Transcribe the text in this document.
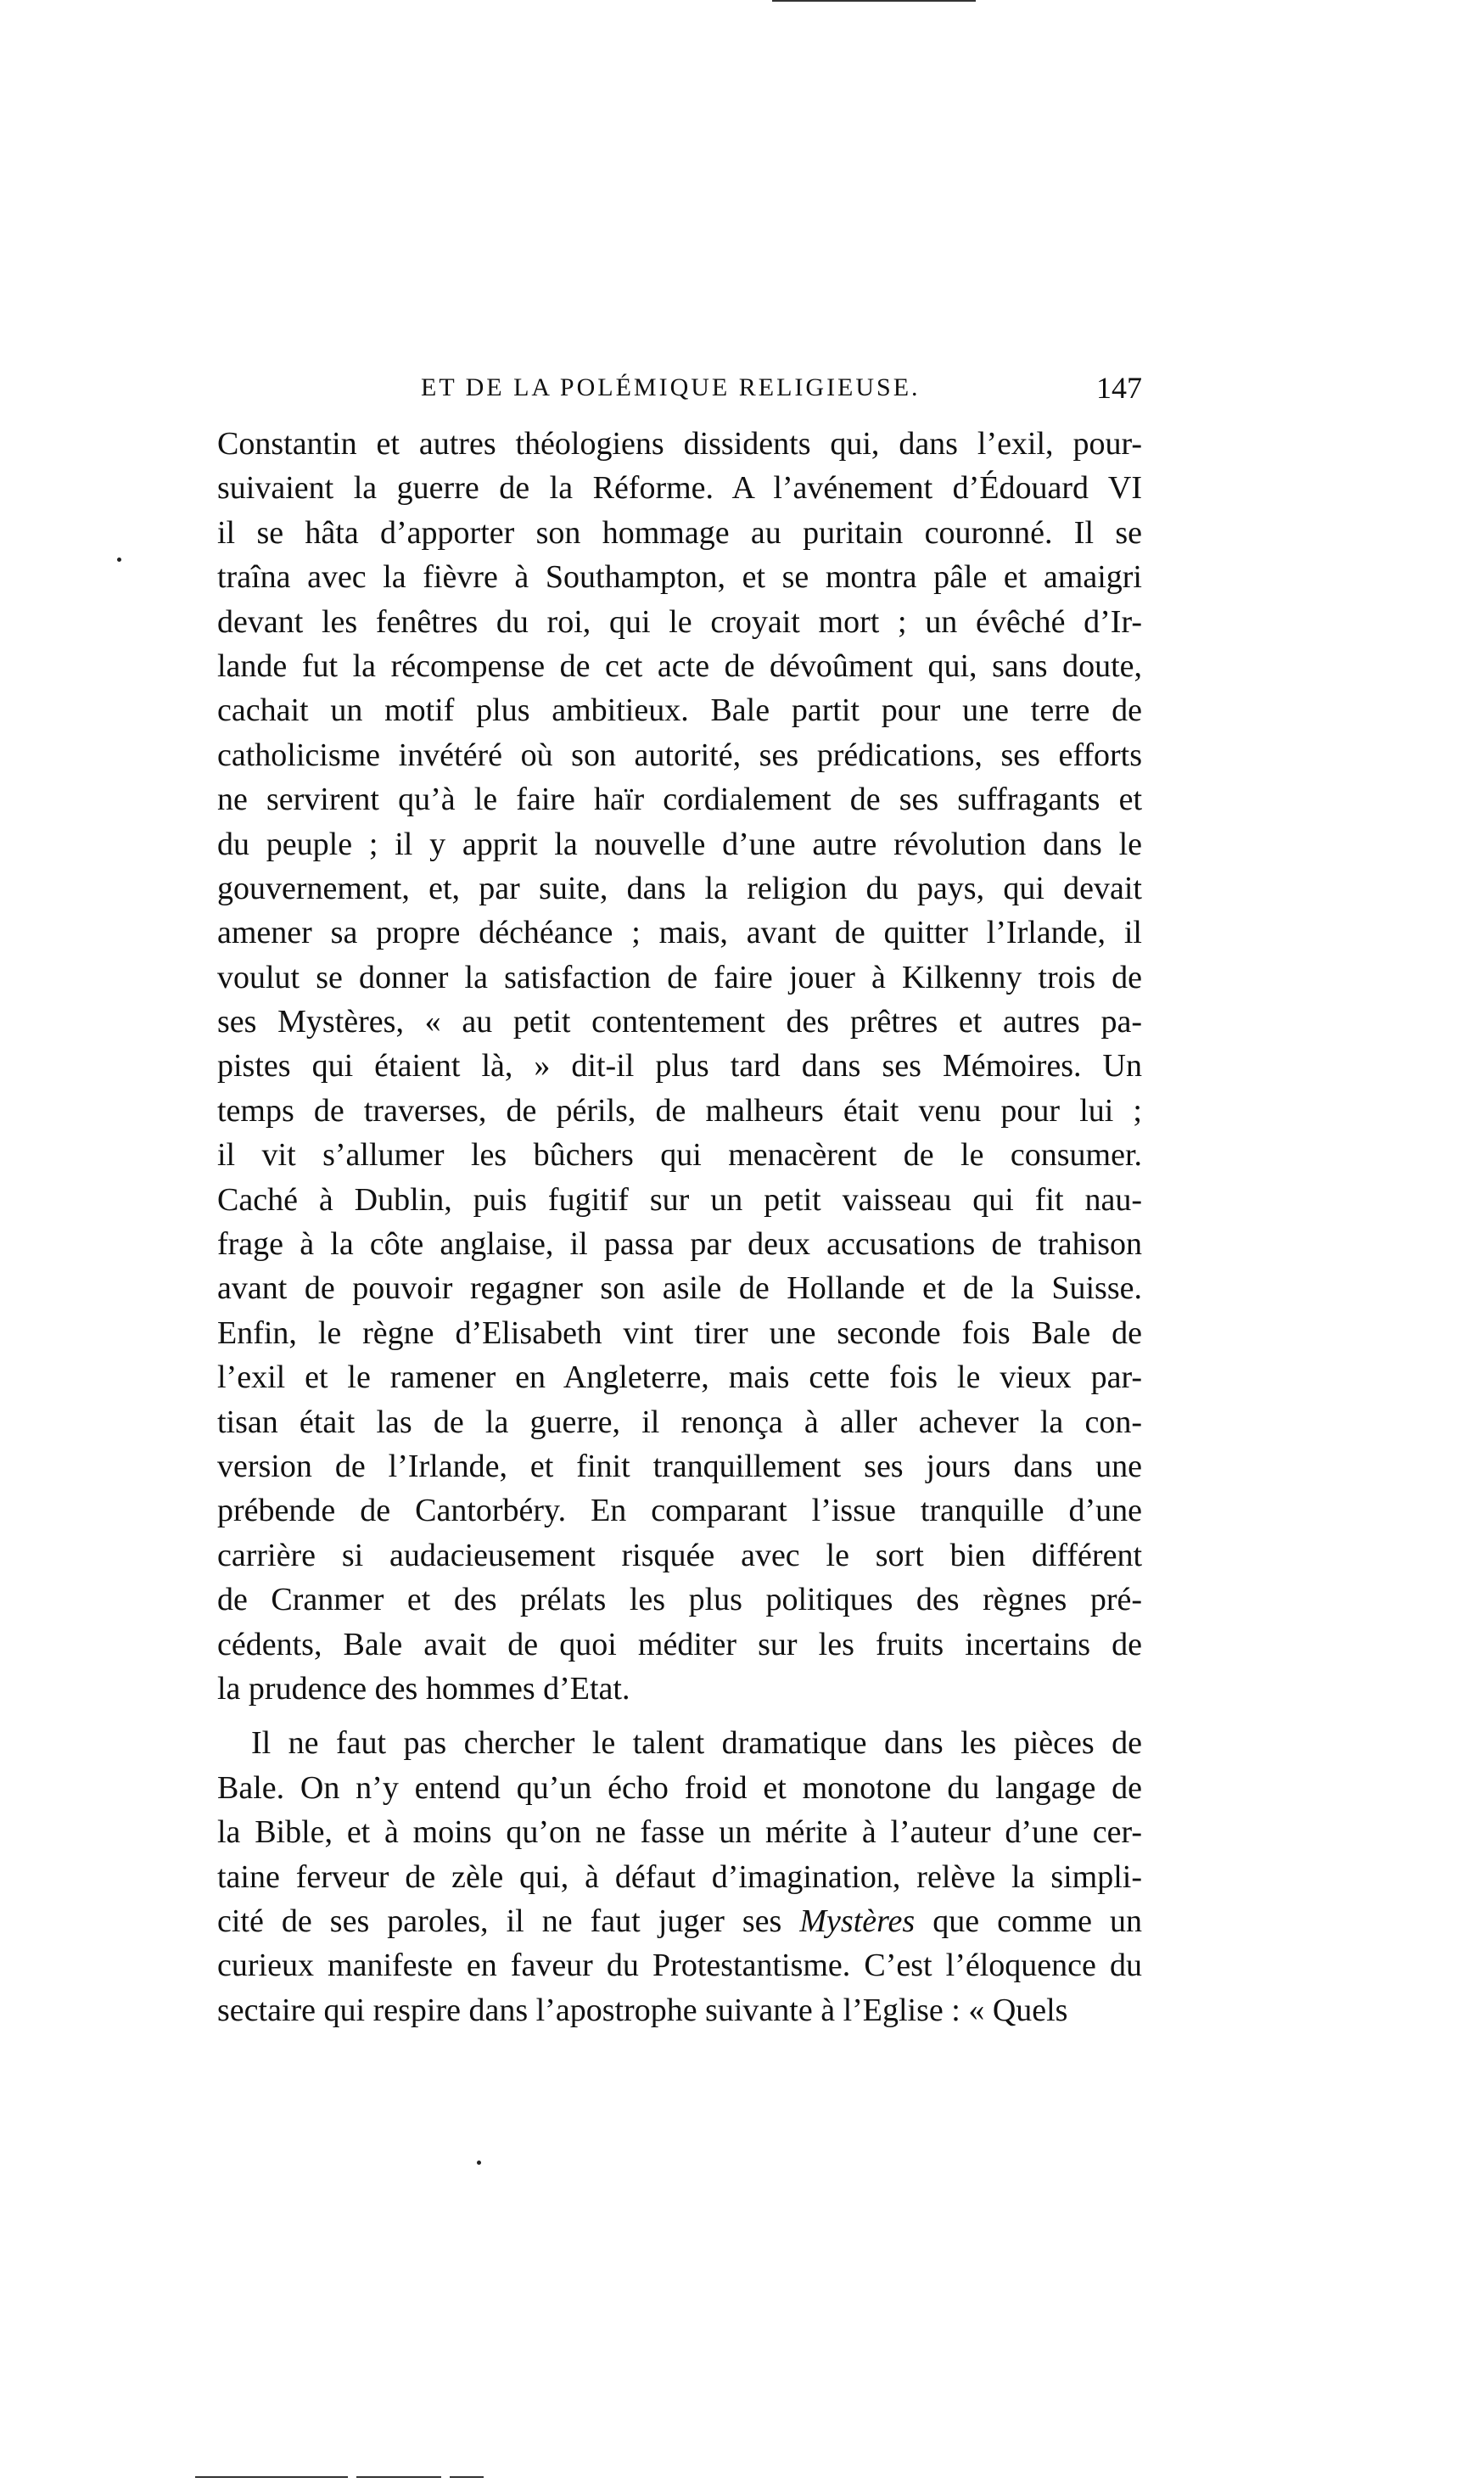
ET DE LA POLÉMIQUE RELIGIEUSE.	147
Constantin et autres théologiens dissidents qui, dans l’exil, pour-
suivaient la guerre de la Réforme. A l’avénement d’Édouard VI
il se hâta d’apporter son hommage au puritain couronné. Il se
traîna avec la fièvre à Southampton, et se montra pâle et amaigri
devant les fenêtres du roi, qui le croyait mort ; un évêché d’Ir-
lande fut la récompense de cet acte de dévoûment qui, sans doute,
cachait un motif plus ambitieux. Bale partit pour une terre de
catholicisme invétéré où son autorité, ses prédications, ses efforts
ne servirent qu’à le faire haïr cordialement de ses suffragants et
du peuple ; il y apprit la nouvelle d’une autre révolution dans le
gouvernement, et, par suite, dans la religion du pays, qui devait
amener sa propre déchéance ; mais, avant de quitter l’Irlande, il
voulut se donner la satisfaction de faire jouer à Kilkenny trois de
ses Mystères, « au petit contentement des prêtres et autres pa-
pistes qui étaient là, » dit-il plus tard dans ses Mémoires. Un
temps de traverses, de périls, de malheurs était venu pour lui ;
il vit s’allumer les bûchers qui menacèrent de le consumer.
Caché à Dublin, puis fugitif sur un petit vaisseau qui fit nau-
frage à la côte anglaise, il passa par deux accusations de trahison
avant de pouvoir regagner son asile de Hollande et de la Suisse.
Enfin, le règne d’Elisabeth vint tirer une seconde fois Bale de
l’exil et le ramener en Angleterre, mais cette fois le vieux par-
tisan était las de la guerre, il renonça à aller achever la con-
version de l’Irlande, et finit tranquillement ses jours dans une
prébende de Cantorbéry. En comparant l’issue tranquille d’une
carrière si audacieusement risquée avec le sort bien différent
de Cranmer et des prélats les plus politiques des règnes pré-
cédents, Bale avait de quoi méditer sur les fruits incertains de
la prudence des hommes d’Etat.
Il ne faut pas chercher le talent dramatique dans les pièces de
Bale. On n’y entend qu’un écho froid et monotone du langage de
la Bible, et à moins qu’on ne fasse un mérite à l’auteur d’une cer-
taine ferveur de zèle qui, à défaut d’imagination, relève la simpli-
cité de ses paroles, il ne faut juger ses Mystères que comme un
curieux manifeste en faveur du Protestantisme. C’est l’éloquence du
sectaire qui respire dans l’apostrophe suivante à l’Eglise : « Quels
